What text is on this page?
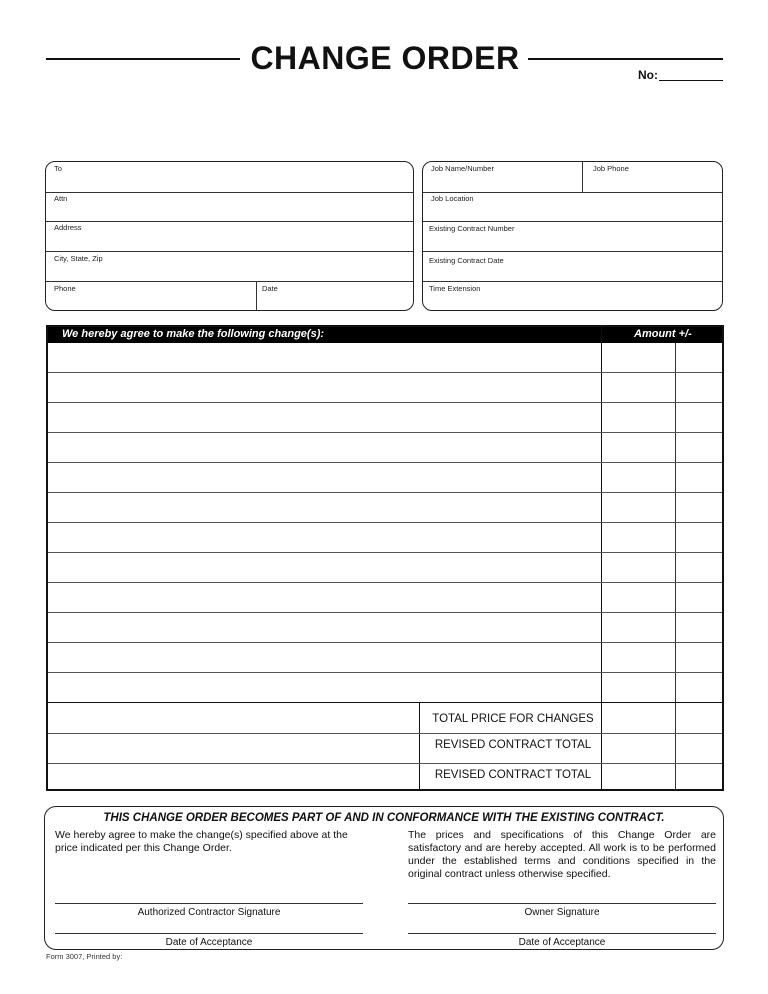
CHANGE ORDER	No:
To
Attn
Address
City, State, Zip
Phone	Date
Job Name/Number	Job Phone
Job Location
Existing Contract Number
Existing Contract Date
Time Extension
We hereby agree to make the following change(s):	Amount +/-
TOTAL PRICE FOR CHANGES
REVISED CONTRACT TOTAL
REVISED CONTRACT TOTAL
THIS CHANGE ORDER BECOMES PART OF AND IN CONFORMANCE WITH THE EXISTING CONTRACT.
We hereby agree to make the change(s) specified above at the price indicated per this Change Order.
The prices and specifications of this Change Order are satisfactory and are hereby accepted. All work is to be performed under the established terms and conditions specified in the original contract unless otherwise specified.
Authorized Contractor Signature	Owner Signature
Date of Acceptance	Date of Acceptance
Form 3007, Printed by:
